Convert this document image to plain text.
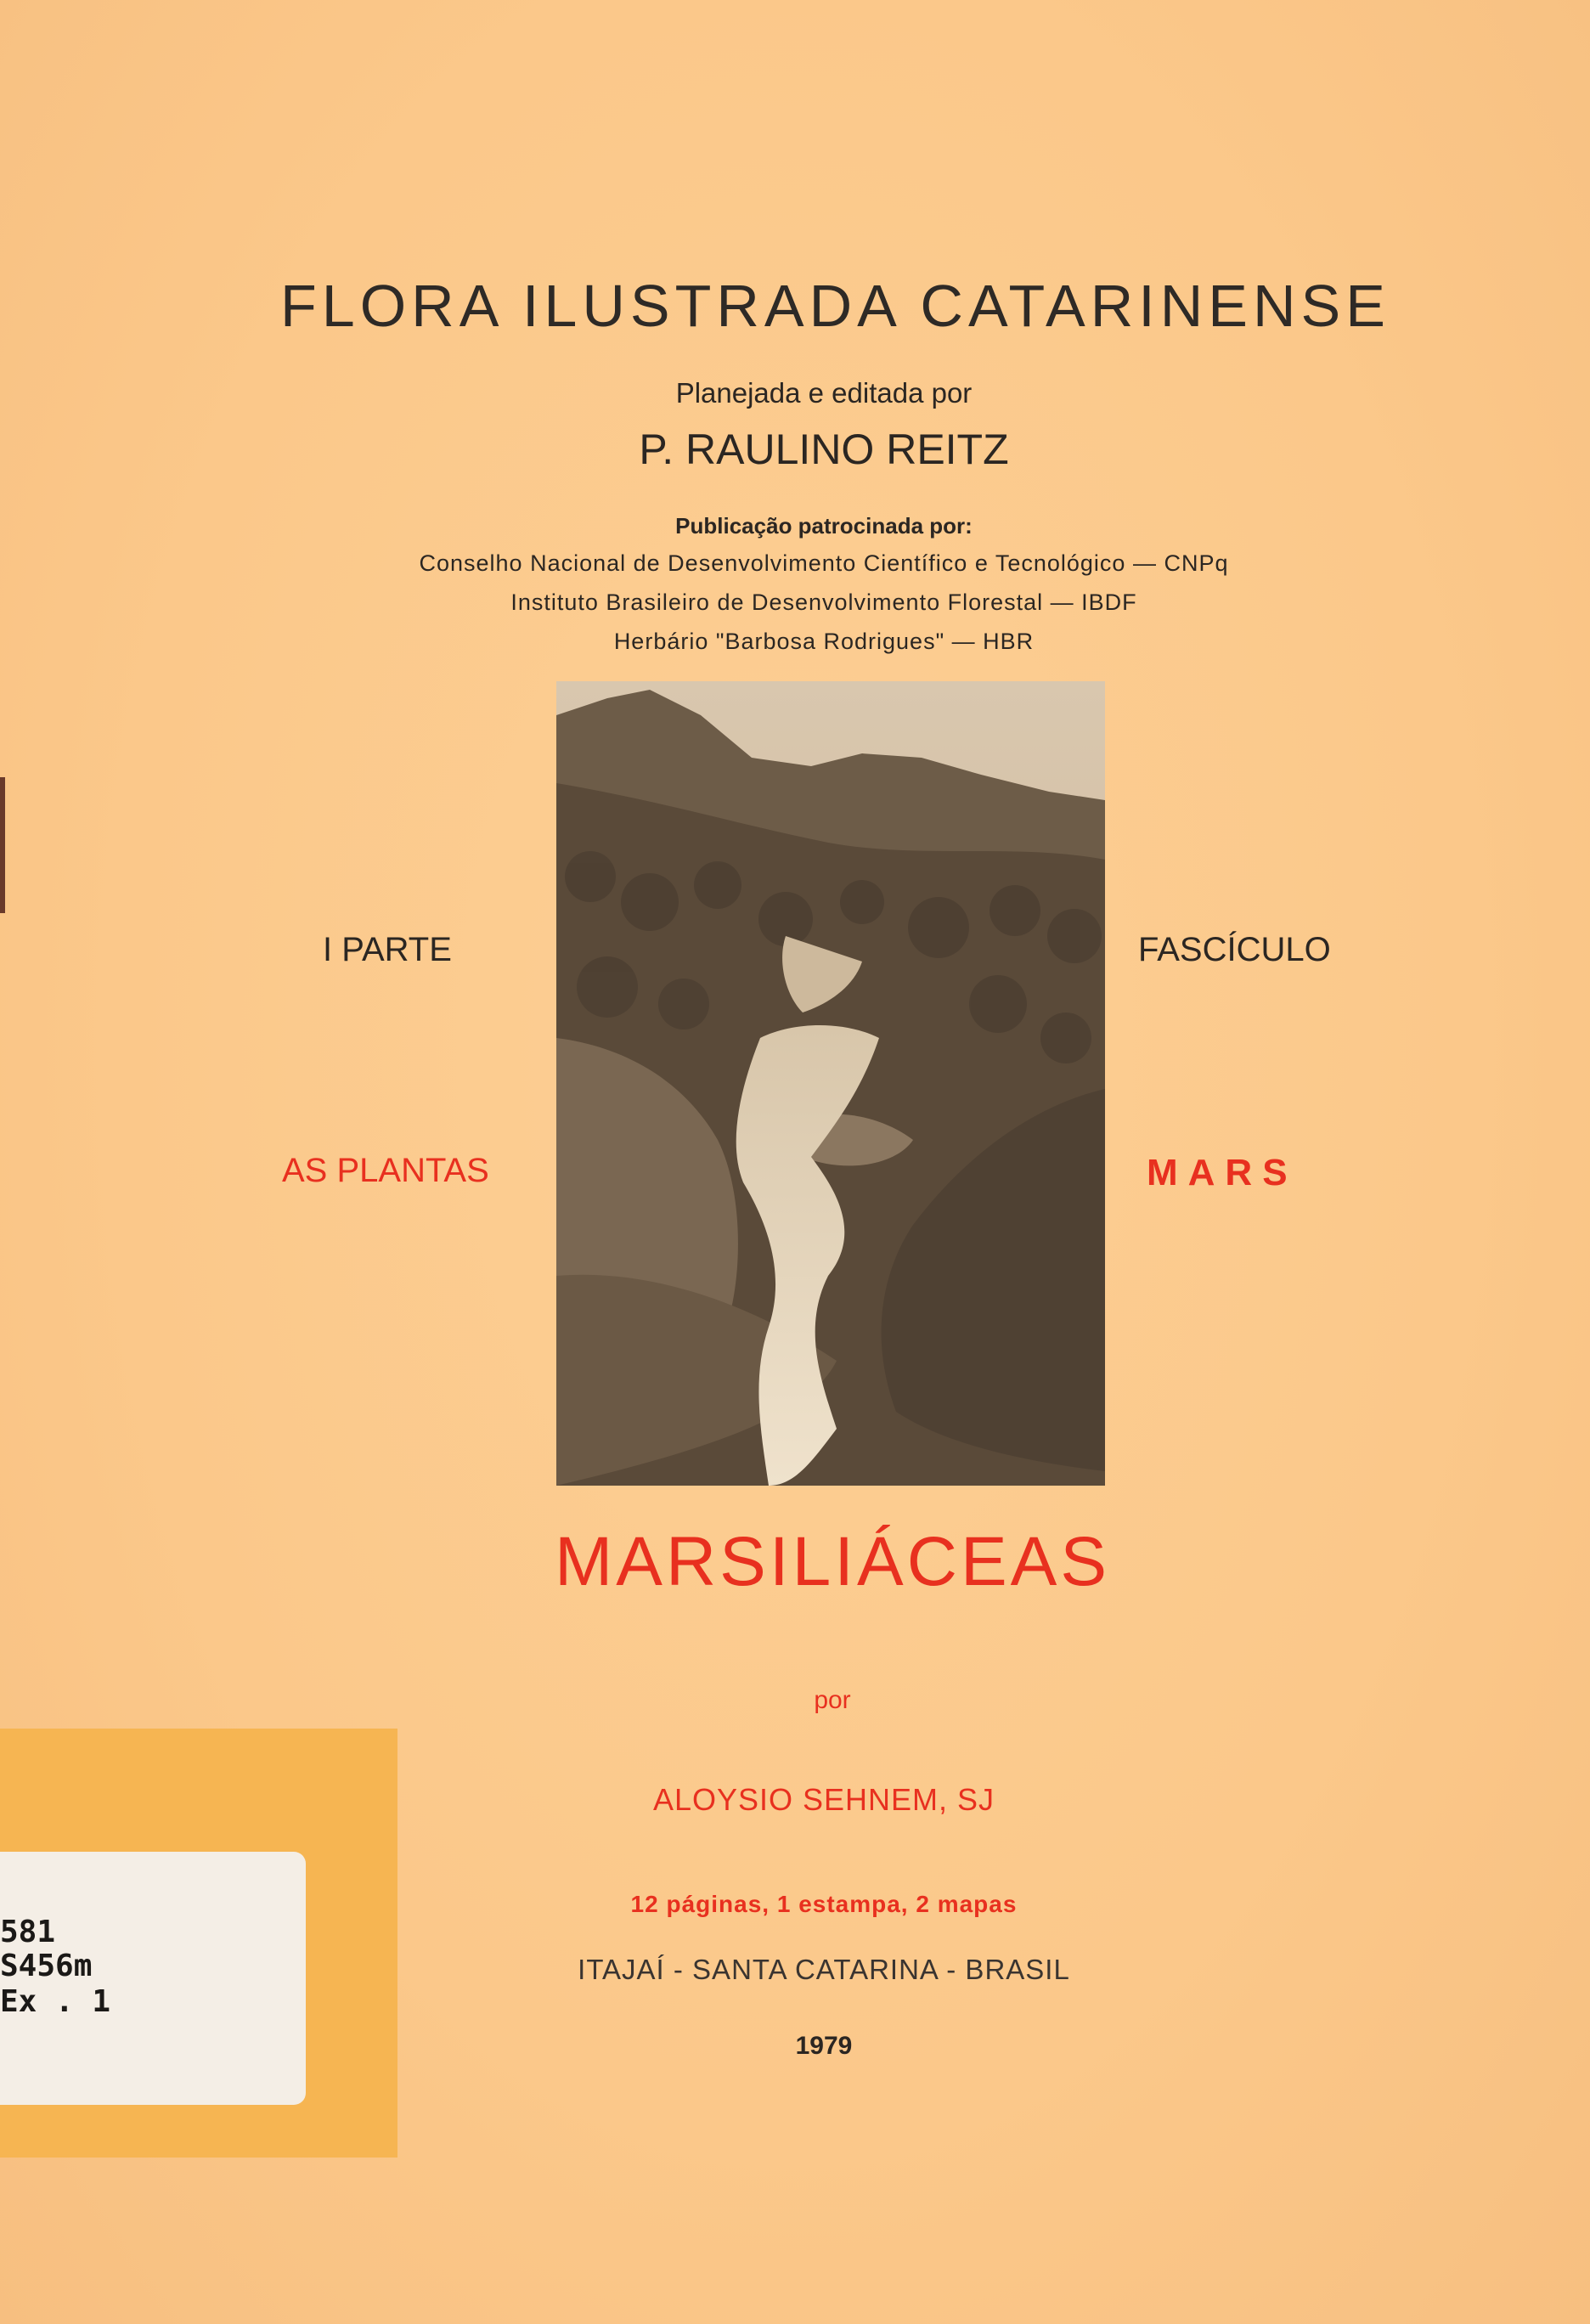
FLORA ILUSTRADA CATARINENSE
Planejada e editada por
P. RAULINO REITZ
Publicação patrocinada por:
Conselho Nacional de Desenvolvimento Científico e Tecnológico — CNPq
Instituto Brasileiro de Desenvolvimento Florestal — IBDF
Herbário "Barbosa Rodrigues" — HBR
I PARTE	FASCÍCULO
AS PLANTAS	MARS
MARSILIÁCEAS
por
ALOYSIO SEHNEM, SJ
12 páginas, 1 estampa, 2 mapas
ITAJAÍ - SANTA CATARINA - BRASIL
1979
581
S456m
Ex . 1
